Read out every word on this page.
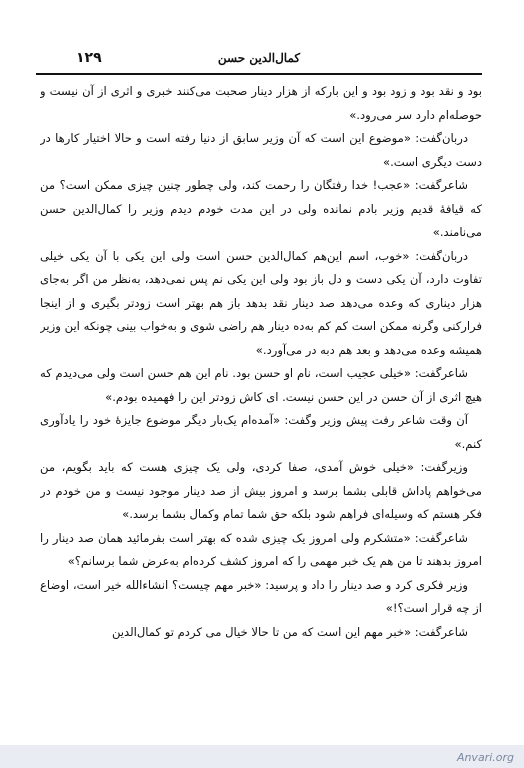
۱۲۹	کمال‌الدین حسن

بود و نقد بود و زود بود و این بارکه از هزار دینار صحبت می‌کنند خبری و اثری از آن نیست و حوصله‌ام دارد سر می‌رود.»

دربان‌گفت: «موضوع این است که آن وزیر سابق از دنیا رفته است و حالا اختیار کارها در دست دیگری است.»

شاعرگفت: «عجب! خدا رفتگان را رحمت کند، ولی چطور چنین چیزی ممکن است؟ من که قیافهٔ قدیم وزیر بادم نمانده ولی در این مدت خودم دیدم وزیر را کمال‌الدین حسن می‌نامند.»

دربان‌گفت: «خوب، اسم این‌هم کمال‌الدین حسن است ولی این یکی با آن یکی خیلی تفاوت دارد، آن یکی دست و دل باز بود ولی این یکی نم پس نمی‌دهد، به‌نظر من اگر به‌جای هزار دیناری که وعده می‌دهد صد دینار نقد بدهد باز هم بهتر است زودتر بگیری و از اینجا فرارکنی وگرنه ممکن است کم کم به‌ده دینار هم راضی شوی و به‌خواب بینی چونکه این وزیر همیشه وعده می‌دهد و بعد هم دبه در می‌آورد.»

شاعرگفت: «خیلی عجیب است، نام او حسن بود. نام این هم حسن است ولی می‌دیدم که هیچ اثری از آن حسن در این حسن نیست. ای کاش زودتر این را فهمیده بودم.»

آن وقت شاعر رفت پیش وزیر وگفت: «آمده‌ام یک‌بار دیگر موضوع جایزهٔ خود را یادآوری کنم.»

وزیرگفت: «خیلی خوش آمدی، صفا کردی، ولی یک چیزی هست که باید بگویم، من می‌خواهم پاداش قابلی بشما برسد و امروز بیش از صد دینار موجود نیست و من خودم در فکر هستم که وسیله‌ای فراهم شود بلکه حق شما تمام وکمال بشما برسد.»

شاعرگفت: «متشکرم ولی امروز یک چیزی شده که بهتر است بفرمائید همان صد دینار را امروز بدهند تا من هم یک خبر مهمی را که امروز کشف کرده‌ام به‌عرض شما برسانم؟»

وزیر فکری کرد و صد دینار را داد و پرسید: «خبر مهم چیست؟ انشاءالله خیر است، اوضاع از چه قرار است؟!»

شاعرگفت: «خبر مهم این است که من تا حالا خیال می کردم تو کمال‌الدین

Anvari.org
